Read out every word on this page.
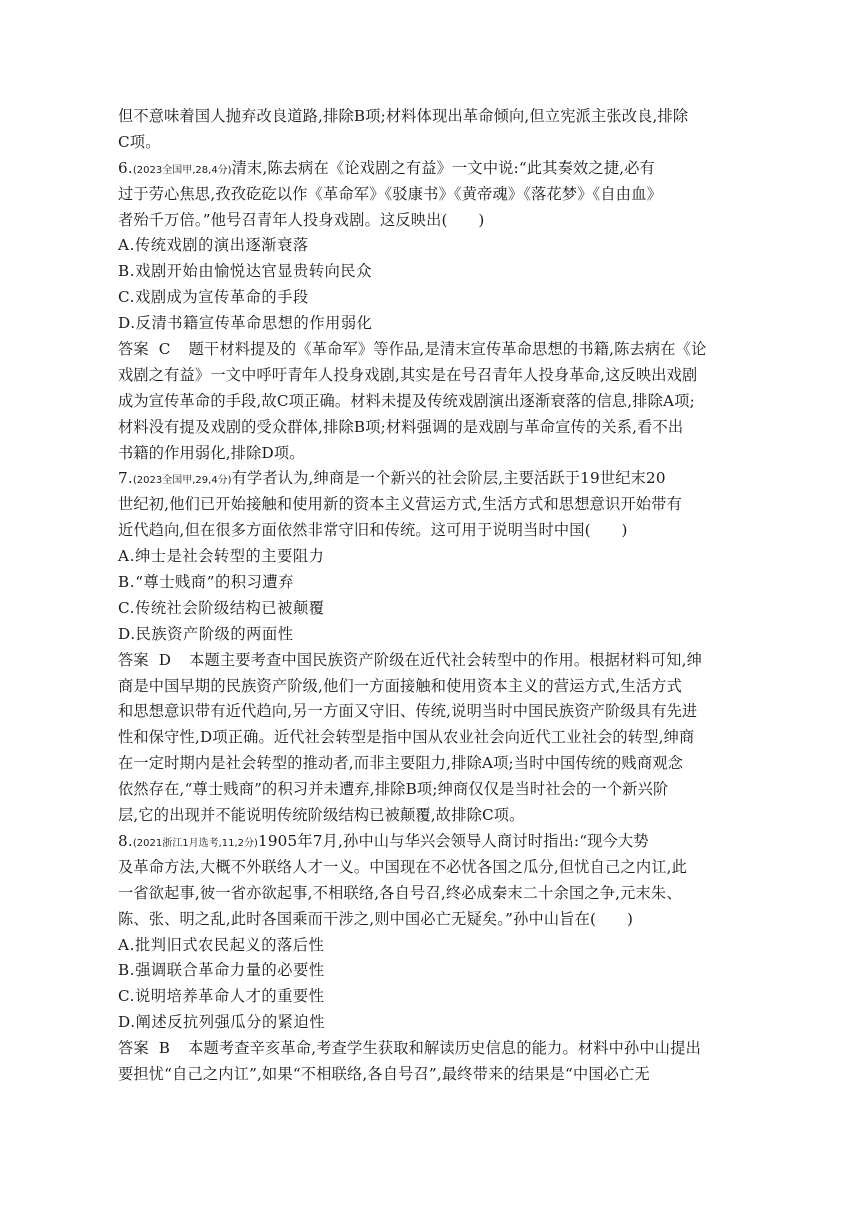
但不意味着国人抛弃改良道路,排除B项;材料体现出革命倾向,但立宪派主张改良,排除
C项。
6.(2023全国甲,28,4分)清末,陈去病在《论戏剧之有益》一文中说:“此其奏效之捷,必有
过于劳心焦思,孜孜矻矻以作《革命军》《驳康书》《黄帝魂》《落花梦》《自由血》
者殆千万倍。”他号召青年人投身戏剧。这反映出(　　)
A.传统戏剧的演出逐渐衰落
B.戏剧开始由愉悦达官显贵转向民众
C.戏剧成为宣传革命的手段
D.反清书籍宣传革命思想的作用弱化
答案 C 题干材料提及的《革命军》等作品,是清末宣传革命思想的书籍,陈去病在《论
戏剧之有益》一文中呼吁青年人投身戏剧,其实是在号召青年人投身革命,这反映出戏剧
成为宣传革命的手段,故C项正确。材料未提及传统戏剧演出逐渐衰落的信息,排除A项;
材料没有提及戏剧的受众群体,排除B项;材料强调的是戏剧与革命宣传的关系,看不出
书籍的作用弱化,排除D项。
7.(2023全国甲,29,4分)有学者认为,绅商是一个新兴的社会阶层,主要活跃于19世纪末20
世纪初,他们已开始接触和使用新的资本主义营运方式,生活方式和思想意识开始带有
近代趋向,但在很多方面依然非常守旧和传统。这可用于说明当时中国(　　)
A.绅士是社会转型的主要阻力
B.“尊士贱商”的积习遭弃
C.传统社会阶级结构已被颠覆
D.民族资产阶级的两面性
答案 D 本题主要考查中国民族资产阶级在近代社会转型中的作用。根据材料可知,绅
商是中国早期的民族资产阶级,他们一方面接触和使用资本主义的营运方式,生活方式
和思想意识带有近代趋向,另一方面又守旧、传统,说明当时中国民族资产阶级具有先进
性和保守性,D项正确。近代社会转型是指中国从农业社会向近代工业社会的转型,绅商
在一定时期内是社会转型的推动者,而非主要阻力,排除A项;当时中国传统的贱商观念
依然存在,“尊士贱商”的积习并未遭弃,排除B项;绅商仅仅是当时社会的一个新兴阶
层,它的出现并不能说明传统阶级结构已被颠覆,故排除C项。
8.(2021浙江1月选考,11,2分)1905年7月,孙中山与华兴会领导人商讨时指出:“现今大势
及革命方法,大概不外联络人才一义。中国现在不必忧各国之瓜分,但忧自己之内讧,此
一省欲起事,彼一省亦欲起事,不相联络,各自号召,终必成秦末二十余国之争,元末朱、
陈、张、明之乱,此时各国乘而干涉之,则中国必亡无疑矣。”孙中山旨在(　　)
A.批判旧式农民起义的落后性
B.强调联合革命力量的必要性
C.说明培养革命人才的重要性
D.阐述反抗列强瓜分的紧迫性
答案 B 本题考查辛亥革命,考查学生获取和解读历史信息的能力。材料中孙中山提出
要担忧“自己之内讧”,如果“不相联络,各自号召”,最终带来的结果是“中国必亡无
